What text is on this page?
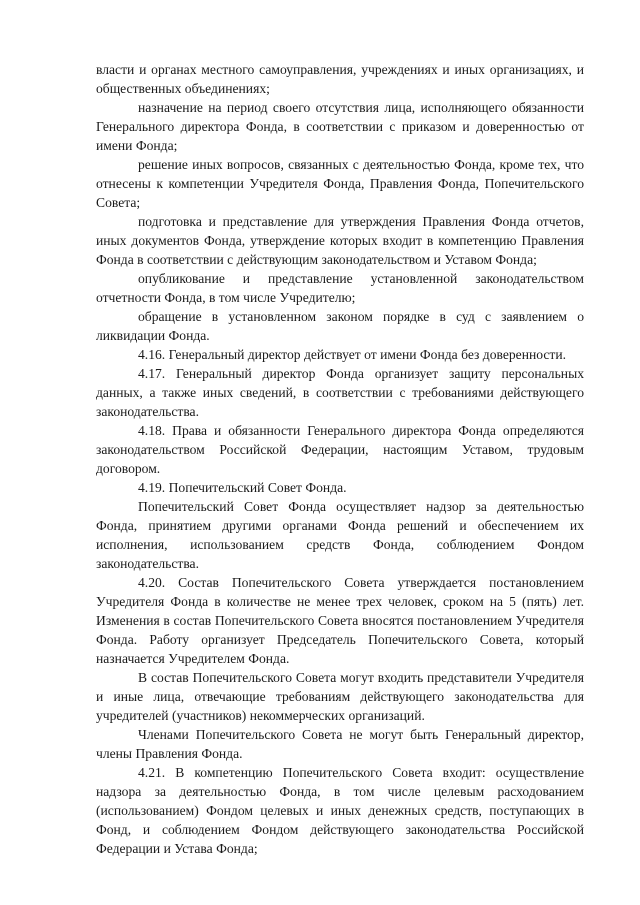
власти и органах местного самоуправления, учреждениях и иных организациях, и общественных объединениях;

назначение на период своего отсутствия лица, исполняющего обязанности Генерального директора Фонда, в соответствии с приказом и доверенностью от имени Фонда;

решение иных вопросов, связанных с деятельностью Фонда, кроме тех, что отнесены к компетенции Учредителя Фонда, Правления Фонда, Попечительского Совета;

подготовка и представление для утверждения Правления Фонда отчетов, иных документов Фонда, утверждение которых входит в компетенцию Правления Фонда в соответствии с действующим законодательством и Уставом Фонда;

опубликование и представление установленной законодательством отчетности Фонда, в том числе Учредителю;

обращение в установленном законом порядке в суд с заявлением о ликвидации Фонда.

4.16. Генеральный директор действует от имени Фонда без доверенности.

4.17. Генеральный директор Фонда организует защиту персональных данных, а также иных сведений, в соответствии с требованиями действующего законодательства.

4.18. Права и обязанности Генерального директора Фонда определяются законодательством Российской Федерации, настоящим Уставом, трудовым договором.

4.19. Попечительский Совет Фонда.

Попечительский Совет Фонда осуществляет надзор за деятельностью Фонда, принятием другими органами Фонда решений и обеспечением их исполнения, использованием средств Фонда, соблюдением Фондом законодательства.

4.20. Состав Попечительского Совета утверждается постановлением Учредителя Фонда в количестве не менее трех человек, сроком на 5 (пять) лет. Изменения в состав Попечительского Совета вносятся постановлением Учредителя Фонда. Работу организует Председатель Попечительского Совета, который назначается Учредителем Фонда.

В состав Попечительского Совета могут входить представители Учредителя и иные лица, отвечающие требованиям действующего законодательства для учредителей (участников) некоммерческих организаций.

Членами Попечительского Совета не могут быть Генеральный директор, члены Правления Фонда.

4.21. В компетенцию Попечительского Совета входит: осуществление надзора за деятельностью Фонда, в том числе целевым расходованием (использованием) Фондом целевых и иных денежных средств, поступающих в Фонд, и соблюдением Фондом действующего законодательства Российской Федерации и Устава Фонда;
